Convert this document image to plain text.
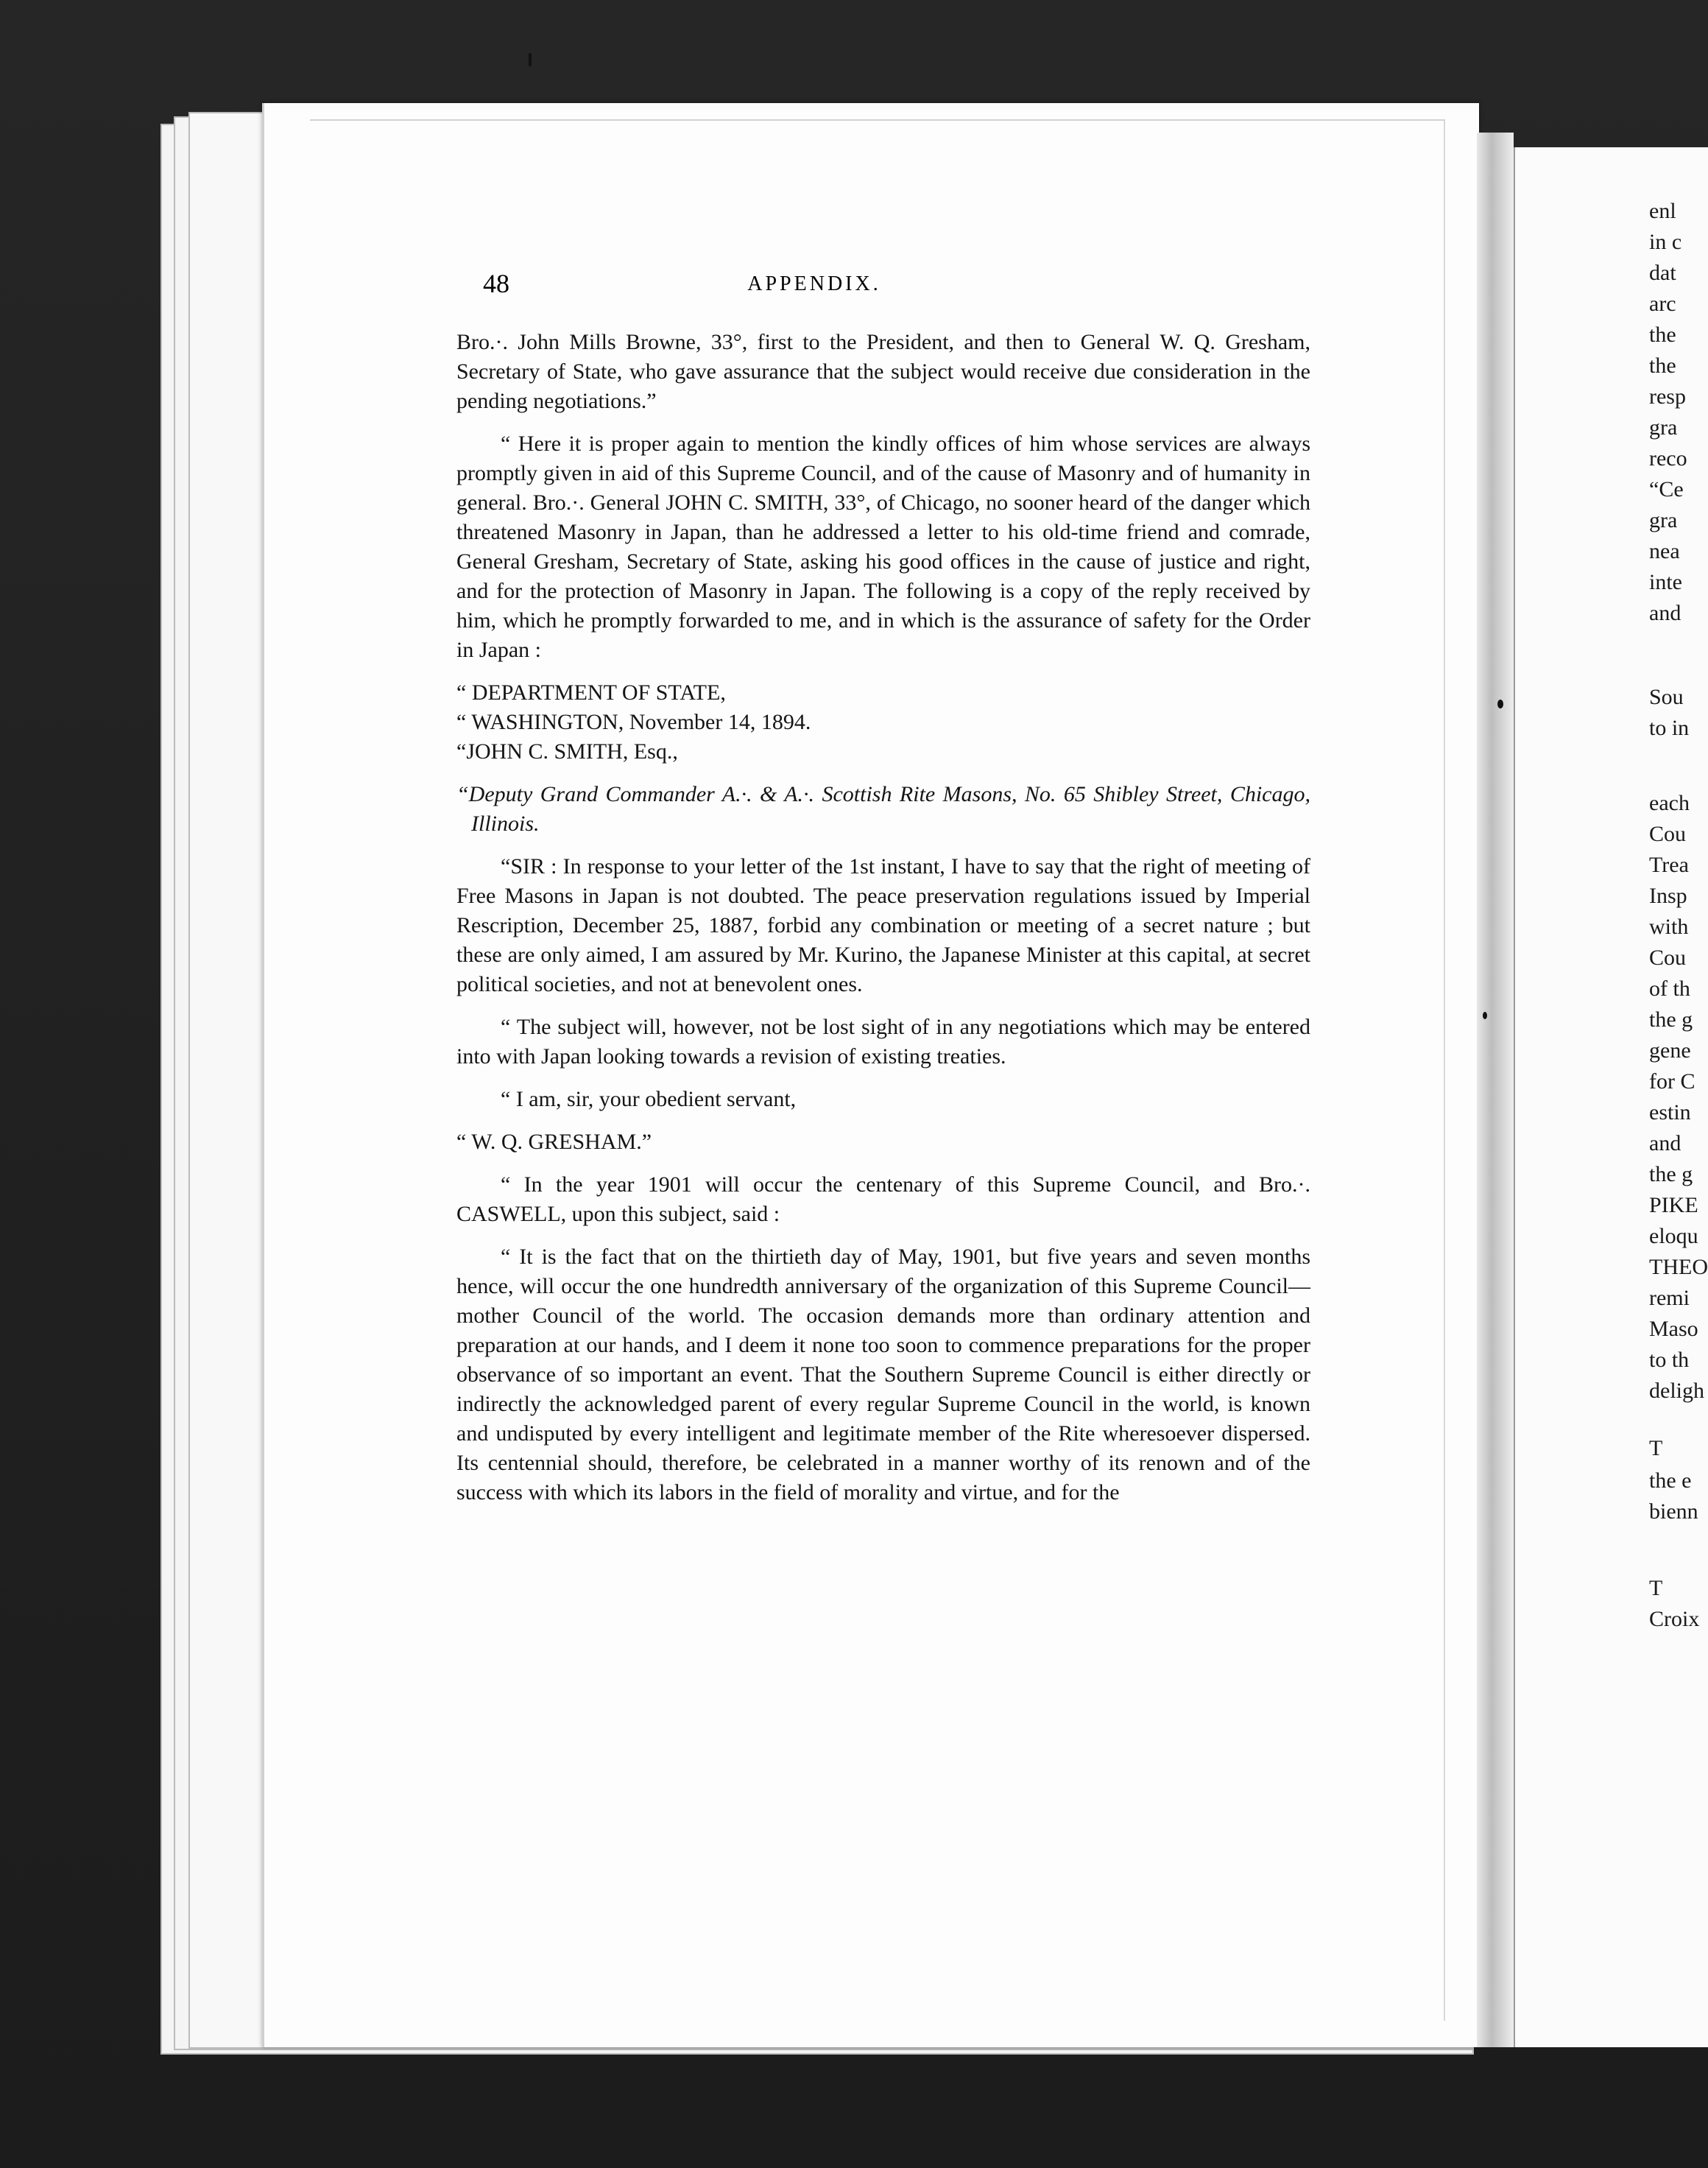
enl
in c
dat
arc
the
the
resp
gra
reco
“Ce
gra
nea
inte
and
Sou
to in
each
Cou
Trea
Insp
with
Cou
of th
the g
gene
for C
estin
and
the g
PIKE
eloqu
THEO
remi
Maso
to th
deligh
T
the e
bienn
T
Croix
48	APPENDIX.

Bro.·. John Mills Browne, 33°, first to the President, and then to General W. Q. Gresham, Secretary of State, who gave assurance that the subject would receive due consideration in the pending negotiations.”

“ Here it is proper again to mention the kindly offices of him whose services are always promptly given in aid of this Supreme Council, and of the cause of Masonry and of humanity in general. Bro.·. General JOHN C. SMITH, 33°, of Chicago, no sooner heard of the danger which threatened Masonry in Japan, than he addressed a letter to his old-time friend and comrade, General Gresham, Secretary of State, asking his good offices in the cause of justice and right, and for the protection of Masonry in Japan. The following is a copy of the reply received by him, which he promptly forwarded to me, and in which is the assurance of safety for the Order in Japan :

“ DEPARTMENT OF STATE,

“ WASHINGTON, November 14, 1894.

“JOHN C. SMITH, Esq.,

“Deputy Grand Commander A.·. & A.·. Scottish Rite Masons, No. 65 Shibley Street, Chicago, Illinois.

“SIR : In response to your letter of the 1st instant, I have to say that the right of meeting of Free Masons in Japan is not doubted. The peace preservation regulations issued by Imperial Rescription, December 25, 1887, forbid any combination or meeting of a secret nature ; but these are only aimed, I am assured by Mr. Kurino, the Japanese Minister at this capital, at secret political societies, and not at benevolent ones.

“ The subject will, however, not be lost sight of in any negotiations which may be entered into with Japan looking towards a revision of existing treaties.

“ I am, sir, your obedient servant,

“ W. Q. GRESHAM.”

“ In the year 1901 will occur the centenary of this Supreme Council, and Bro.·. CASWELL, upon this subject, said :

“ It is the fact that on the thirtieth day of May, 1901, but five years and seven months hence, will occur the one hundredth anniversary of the organization of this Supreme Council—mother Council of the world. The occasion demands more than ordinary attention and preparation at our hands, and I deem it none too soon to commence preparations for the proper observance of so important an event. That the Southern Supreme Council is either directly or indirectly the acknowledged parent of every regular Supreme Council in the world, is known and undisputed by every intelligent and legitimate member of the Rite wheresoever dispersed. Its centennial should, therefore, be celebrated in a manner worthy of its renown and of the success with which its labors in the field of morality and virtue, and for the
